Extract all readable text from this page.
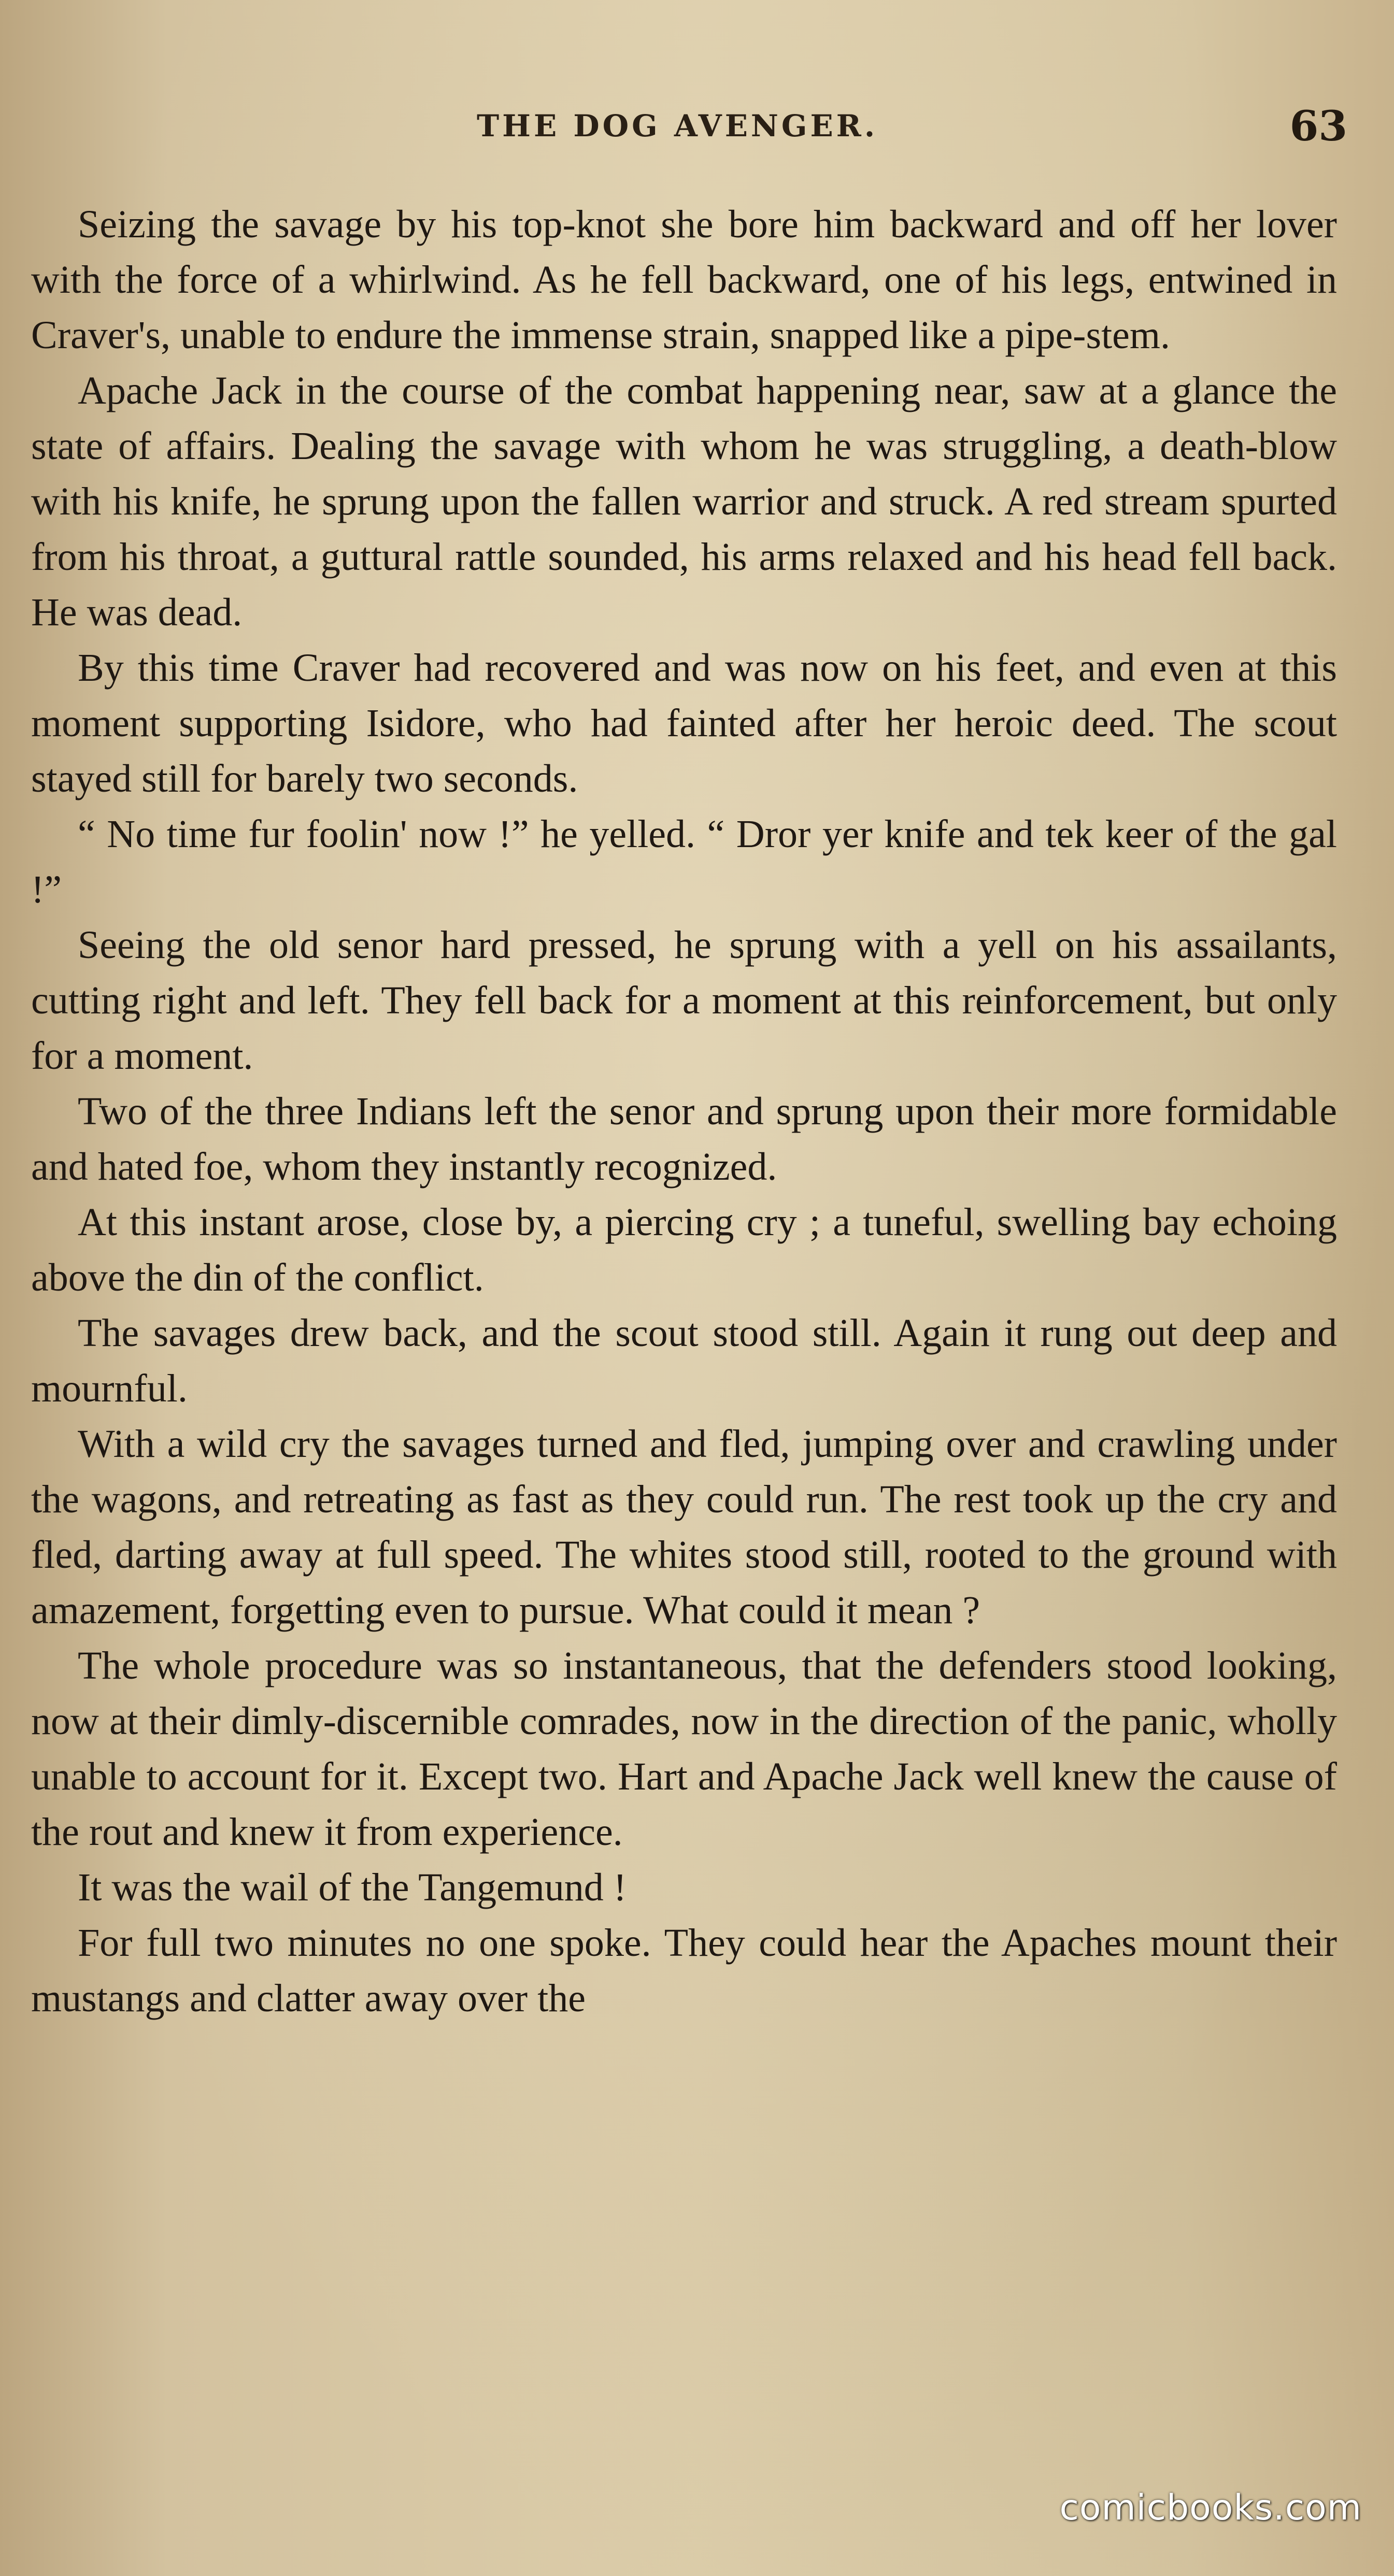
THE DOG AVENGER.	63

Seizing the savage by his top-knot she bore him backward and off her lover with the force of a whirlwind. As he fell backward, one of his legs, entwined in Craver's, unable to endure the immense strain, snapped like a pipe-stem.

Apache Jack in the course of the combat happening near, saw at a glance the state of affairs. Dealing the savage with whom he was struggling, a death-blow with his knife, he sprung upon the fallen warrior and struck. A red stream spurted from his throat, a guttural rattle sounded, his arms relaxed and his head fell back. He was dead.

By this time Craver had recovered and was now on his feet, and even at this moment supporting Isidore, who had fainted after her heroic deed. The scout stayed still for barely two seconds.

“ No time fur foolin' now !” he yelled. “ Dror yer knife and tek keer of the gal !”

Seeing the old senor hard pressed, he sprung with a yell on his assailants, cutting right and left. They fell back for a moment at this reinforcement, but only for a moment.

Two of the three Indians left the senor and sprung upon their more formidable and hated foe, whom they instantly recognized.

At this instant arose, close by, a piercing cry ; a tuneful, swelling bay echoing above the din of the conflict.

The savages drew back, and the scout stood still. Again it rung out deep and mournful.

With a wild cry the savages turned and fled, jumping over and crawling under the wagons, and retreating as fast as they could run. The rest took up the cry and fled, darting away at full speed. The whites stood still, rooted to the ground with amazement, forgetting even to pursue. What could it mean ?

The whole procedure was so instantaneous, that the defenders stood looking, now at their dimly-discernible comrades, now in the direction of the panic, wholly unable to account for it. Except two. Hart and Apache Jack well knew the cause of the rout and knew it from experience.

It was the wail of the Tangemund !

For full two minutes no one spoke. They could hear the Apaches mount their mustangs and clatter away over the

comicbooks.com
